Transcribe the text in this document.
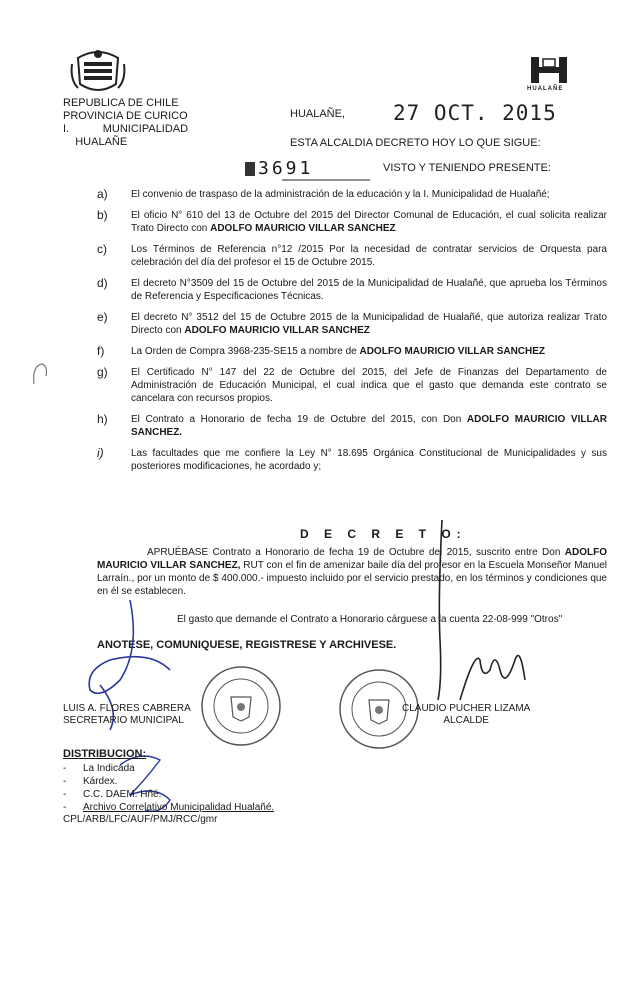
HUALAÑE
REPUBLICA DE CHILE
PROVINCIA DE CURICO
I.           MUNICIPALIDAD
HUALAÑE
HUALAÑE, 27 OCT. 2015
ESTA ALCALDIA DECRETO HOY LO QUE SIGUE:
3691	VISTO Y TENIENDO PRESENTE:
a)	El convenio de traspaso de la administración de la educación y la I. Municipalidad de Hualañé;
b)	El oficio N° 610 del 13 de Octubre del 2015 del Director Comunal de Educación, el cual solicita realizar Trato Directo con ADOLFO MAURICIO VILLAR SANCHEZ
c)	Los Términos de Referencia n°12 /2015 Por la necesidad de contratar servicios de Orquesta para celebración del día del profesor el 15 de Octubre 2015.
d)	El decreto N°3509 del 15 de Octubre del 2015 de la Municipalidad de Hualañé, que aprueba los Términos de Referencia y Especificaciones Técnicas.
e)	El decreto N° 3512 del 15 de Octubre 2015 de la Municipalidad de Hualañé, que autoriza realizar Trato Directo con ADOLFO MAURICIO VILLAR SANCHEZ
f)	La Orden de Compra 3968-235-SE15 a nombre de ADOLFO MAURICIO VILLAR SANCHEZ
g)	El Certificado N° 147 del 22 de Octubre del 2015, del Jefe de Finanzas del Departamento de Administración de Educación Municipal, el cual indica que el gasto que demanda este contrato se cancelara con recursos propios.
h)	El Contrato a Honorario de fecha 19 de Octubre del 2015, con Don ADOLFO MAURICIO VILLAR SANCHEZ.
i)	Las facultades que me confiere la Ley N° 18.695 Orgánica Constitucional de Municipalidades y sus posteriores modificaciones, he acordado y;
D E C R E T O:
APRUÉBASE Contrato a Honorario de fecha 19 de Octubre del 2015, suscrito entre Don ADOLFO MAURICIO VILLAR SANCHEZ, RUT con el fin de amenizar baile día del profesor en la Escuela Monseñor Manuel Larraín., por un monto de $ 400.000.- impuesto incluido por el servicio prestado, en los términos y condiciones que en él se establecen.
El gasto que demande el Contrato a Honorario cárguese a la cuenta 22-08-999 "Otros"
ANOTESE, COMUNIQUESE, REGISTRESE Y ARCHIVESE.
LUIS A. FLORES CABRERA
SECRETARIO MUNICIPAL
CLAUDIO PUCHER LIZAMA
ALCALDE
DISTRIBUCION:
-	La Indicada
-	Kárdex.
-	C.C. DAEM. Hñé.
-	Archivo Correlativo Municipalidad Hualañé.
CPL/ARB/LFC/AUF/PMJ/RCC/gmr
